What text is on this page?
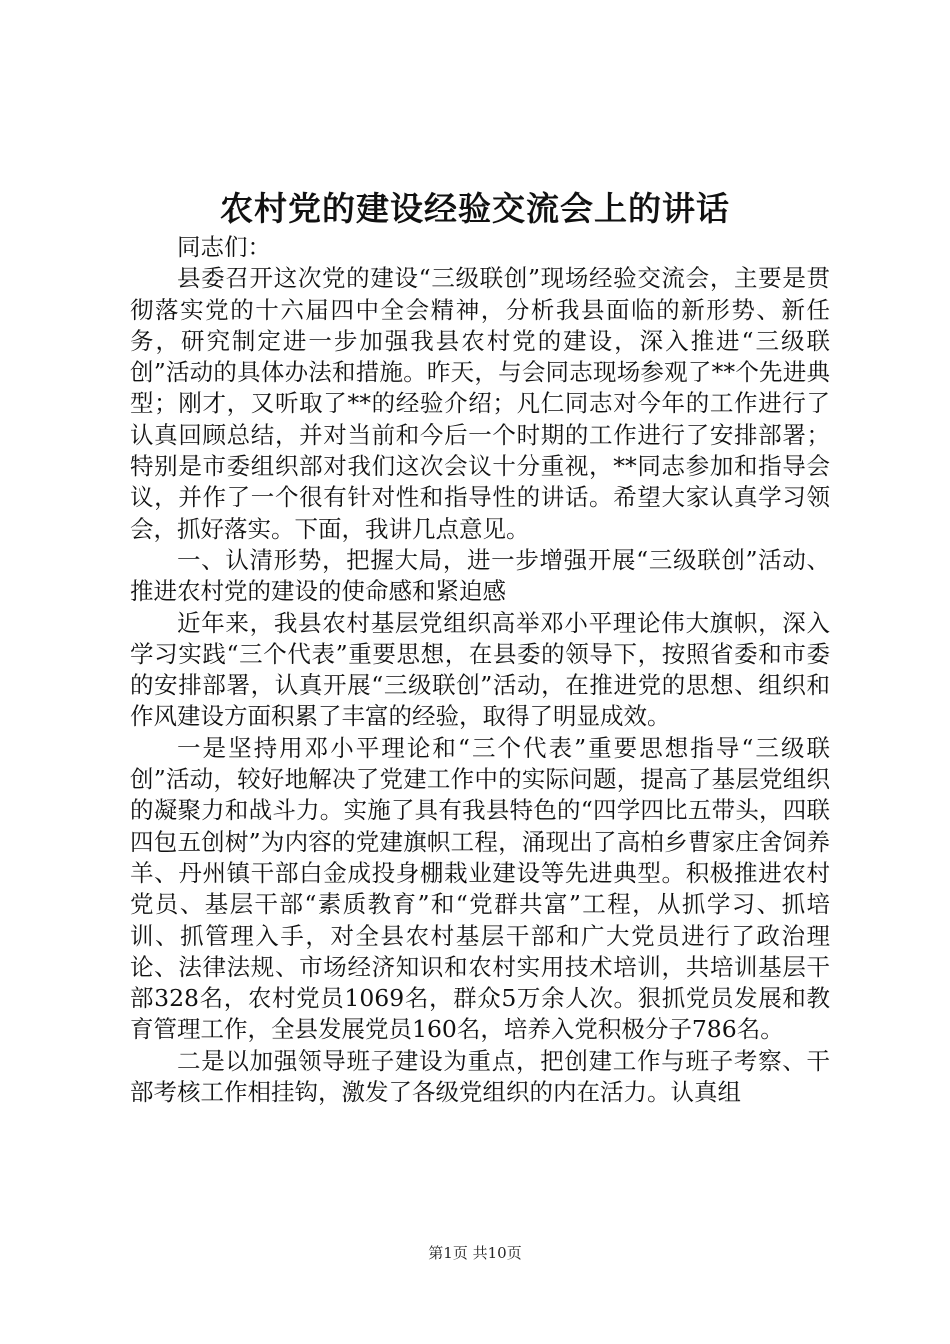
农村党的建设经验交流会上的讲话

同志们：

县委召开这次党的建设“三级联创”现场经验交流会，主要是贯彻落实党的十六届四中全会精神，分析我县面临的新形势、新任务，研究制定进一步加强我县农村党的建设，深入推进“三级联创”活动的具体办法和措施。昨天，与会同志现场参观了**个先进典型；刚才，又听取了**的经验介绍；凡仁同志对今年的工作进行了认真回顾总结，并对当前和今后一个时期的工作进行了安排部署；特别是市委组织部对我们这次会议十分重视，**同志参加和指导会议，并作了一个很有针对性和指导性的讲话。希望大家认真学习领会，抓好落实。下面，我讲几点意见。

一、认清形势，把握大局，进一步增强开展“三级联创”活动、推进农村党的建设的使命感和紧迫感

近年来，我县农村基层党组织高举邓小平理论伟大旗帜，深入学习实践“三个代表”重要思想，在县委的领导下，按照省委和市委的安排部署，认真开展“三级联创”活动，在推进党的思想、组织和作风建设方面积累了丰富的经验，取得了明显成效。

一是坚持用邓小平理论和“三个代表”重要思想指导“三级联创”活动，较好地解决了党建工作中的实际问题，提高了基层党组织的凝聚力和战斗力。实施了具有我县特色的“四学四比五带头，四联四包五创树”为内容的党建旗帜工程，涌现出了高柏乡曹家庄舍饲养羊、丹州镇干部白金成投身棚栽业建设等先进典型。积极推进农村党员、基层干部“素质教育”和“党群共富”工程，从抓学习、抓培训、抓管理入手，对全县农村基层干部和广大党员进行了政治理论、法律法规、市场经济知识和农村实用技术培训，共培训基层干部328名，农村党员1069名，群众5万余人次。狠抓党员发展和教育管理工作，全县发展党员160名，培养入党积极分子786名。

二是以加强领导班子建设为重点，把创建工作与班子考察、干部考核工作相挂钩，激发了各级党组织的内在活力。认真组

第1页 共10页
